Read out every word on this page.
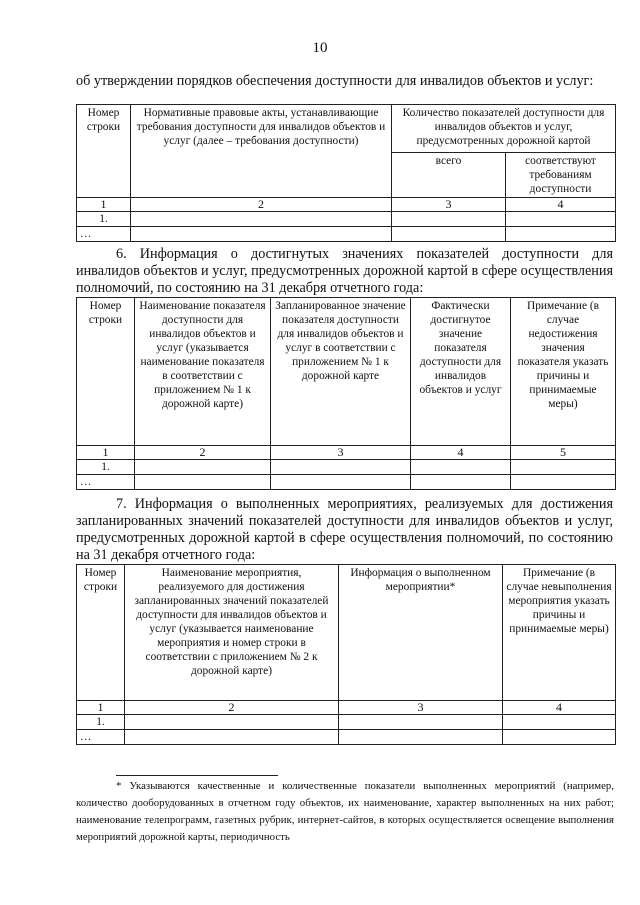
10
об утверждении порядков обеспечения доступности для инвалидов объектов и услуг:
Номер строки	Нормативные правовые акты, устанавливающие требования доступности для инвалидов объектов и услуг (далее – требования доступности)	Количество показателей доступности для инвалидов объектов и услуг, предусмотренных дорожной картой	
		всего	соответствуют требованиям доступности
1	2	3	4
1.			
…			
6. Информация о достигнутых значениях показателей доступности для инвалидов объектов и услуг, предусмотренных дорожной картой в сфере осуществления полномочий, по состоянию на 31 декабря отчетного года:
Номер строки	Наименование показателя доступности для инвалидов объектов и услуг (указывается наименование показателя в соответствии с приложением № 1 к дорожной карте)	Запланированное значение показателя доступности для инвалидов объектов и услуг в соответствии с приложением № 1 к дорожной карте	Фактически достигнутое значение показателя доступности для инвалидов объектов и услуг	Примечание (в случае недостижения значения показателя указать причины и принимаемые меры)
1	2	3	4	5
1.				
…				
7. Информация о выполненных мероприятиях, реализуемых для достижения запланированных значений показателей доступности для инвалидов объектов и услуг, предусмотренных дорожной картой в сфере осуществления полномочий, по состоянию на 31 декабря отчетного года:
Номер строки	Наименование мероприятия, реализуемого для достижения запланированных значений показателей доступности для инвалидов объектов и услуг (указывается наименование мероприятия и номер строки в соответствии с приложением № 2 к дорожной карте)	Информация о выполненном мероприятии*	Примечание (в случае невыполнения мероприятия указать причины и принимаемые меры)
1	2	3	4
1.			
…			
* Указываются качественные и количественные показатели выполненных мероприятий (например, количество дооборудованных в отчетном году объектов, их наименование, характер выполненных на них работ; наименование телепрограмм, газетных рубрик, интернет-сайтов, в которых осуществляется освещение выполнения мероприятий дорожной карты, периодичность
